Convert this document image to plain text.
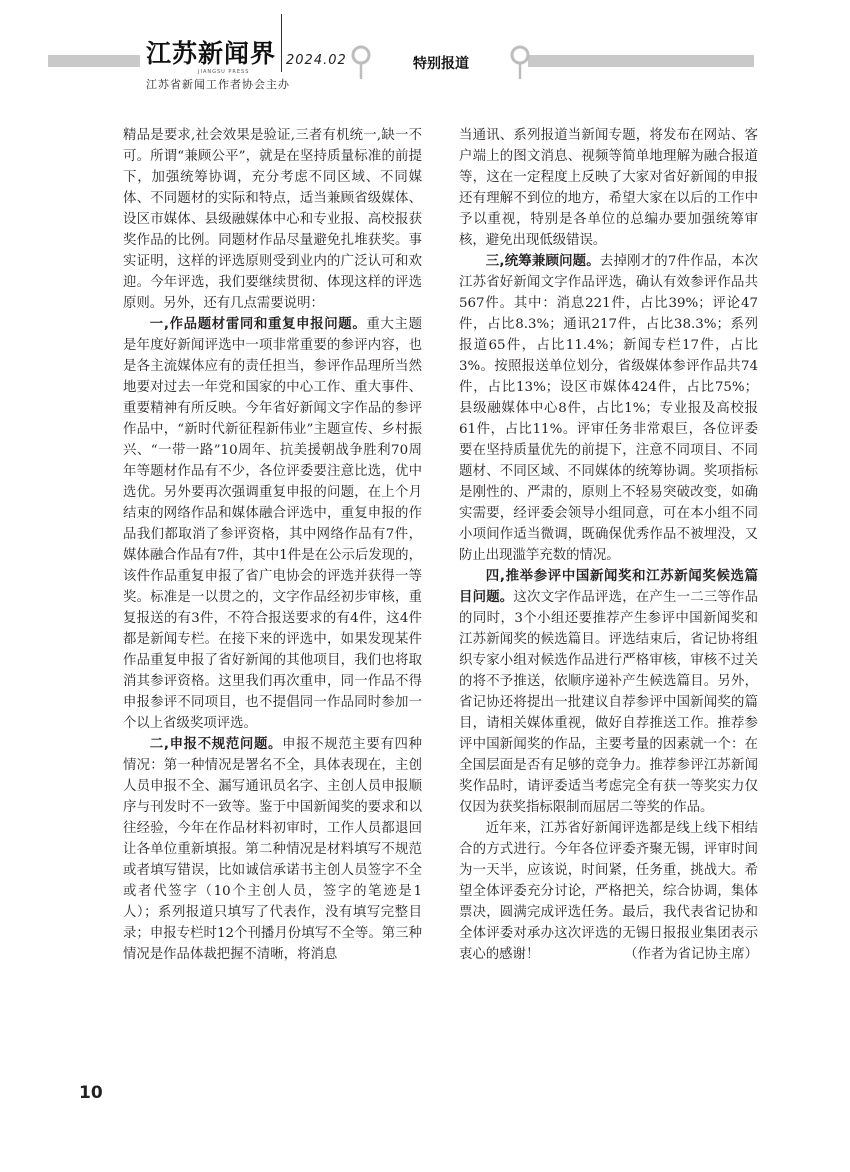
江苏新闻界
JIANGSU PRESS
2024.02
江苏省新闻工作者协会主办
特别报道

精品是要求,社会效果是验证,三者有机统一,缺一不可。所谓“兼顾公平”，就是在坚持质量标准的前提下，加强统筹协调，充分考虑不同区域、不同媒体、不同题材的实际和特点，适当兼顾省级媒体、设区市媒体、县级融媒体中心和专业报、高校报获奖作品的比例。同题材作品尽量避免扎堆获奖。事实证明，这样的评选原则受到业内的广泛认可和欢迎。今年评选，我们要继续贯彻、体现这样的评选原则。另外，还有几点需要说明：

一,作品题材雷同和重复申报问题。重大主题是年度好新闻评选中一项非常重要的参评内容，也是各主流媒体应有的责任担当，参评作品理所当然地要对过去一年党和国家的中心工作、重大事件、重要精神有所反映。今年省好新闻文字作品的参评作品中，“新时代新征程新伟业”主题宣传、乡村振兴、“一带一路”10周年、抗美援朝战争胜利70周年等题材作品有不少，各位评委要注意比选，优中选优。另外要再次强调重复申报的问题，在上个月结束的网络作品和媒体融合评选中，重复申报的作品我们都取消了参评资格，其中网络作品有7件，媒体融合作品有7件，其中1件是在公示后发现的，该件作品重复申报了省广电协会的评选并获得一等奖。标准是一以贯之的，文字作品经初步审核，重复报送的有3件，不符合报送要求的有4件，这4件都是新闻专栏。在接下来的评选中，如果发现某件作品重复申报了省好新闻的其他项目，我们也将取消其参评资格。这里我们再次重申，同一作品不得申报参评不同项目，也不提倡同一作品同时参加一个以上省级奖项评选。

二,申报不规范问题。申报不规范主要有四种情况：第一种情况是署名不全，具体表现在，主创人员申报不全、漏写通讯员名字、主创人员申报顺序与刊发时不一致等。鉴于中国新闻奖的要求和以往经验，今年在作品材料初审时，工作人员都退回让各单位重新填报。第二种情况是材料填写不规范或者填写错误，比如诚信承诺书主创人员签字不全或者代签字（10个主创人员，签字的笔迹是1人）；系列报道只填写了代表作，没有填写完整目录；申报专栏时12个刊播月份填写不全等。第三种情况是作品体裁把握不清晰，将消息

当通讯、系列报道当新闻专题，将发布在网站、客户端上的图文消息、视频等简单地理解为融合报道等，这在一定程度上反映了大家对省好新闻的申报还有理解不到位的地方，希望大家在以后的工作中予以重视，特别是各单位的总编办要加强统筹审核，避免出现低级错误。

三,统筹兼顾问题。去掉刚才的7件作品，本次江苏省好新闻文字作品评选，确认有效参评作品共567件。其中：消息221件，占比39%；评论47件，占比8.3%；通讯217件，占比38.3%；系列报道65件，占比11.4%；新闻专栏17件，占比3%。按照报送单位划分，省级媒体参评作品共74件，占比13%；设区市媒体424件，占比75%；县级融媒体中心8件，占比1%；专业报及高校报61件，占比11%。评审任务非常艰巨，各位评委要在坚持质量优先的前提下，注意不同项目、不同题材、不同区域、不同媒体的统筹协调。奖项指标是刚性的、严肃的，原则上不轻易突破改变，如确实需要，经评委会领导小组同意，可在本小组不同小项间作适当微调，既确保优秀作品不被埋没，又防止出现滥竽充数的情况。

四,推举参评中国新闻奖和江苏新闻奖候选篇目问题。这次文字作品评选，在产生一二三等作品的同时，3个小组还要推荐产生参评中国新闻奖和江苏新闻奖的候选篇目。评选结束后，省记协将组织专家小组对候选作品进行严格审核，审核不过关的将不予推送，依顺序递补产生候选篇目。另外，省记协还将提出一批建议自荐参评中国新闻奖的篇目，请相关媒体重视，做好自荐推送工作。推荐参评中国新闻奖的作品，主要考量的因素就一个：在全国层面是否有足够的竞争力。推荐参评江苏新闻奖作品时，请评委适当考虑完全有获一等奖实力仅仅因为获奖指标限制而屈居二等奖的作品。

近年来，江苏省好新闻评选都是线上线下相结合的方式进行。今年各位评委齐聚无锡，评审时间为一天半，应该说，时间紧，任务重，挑战大。希望全体评委充分讨论，严格把关，综合协调，集体票决，圆满完成评选任务。最后，我代表省记协和全体评委对承办这次评选的无锡日报报业集团表示衷心的感谢！	（作者为省记协主席）

10
